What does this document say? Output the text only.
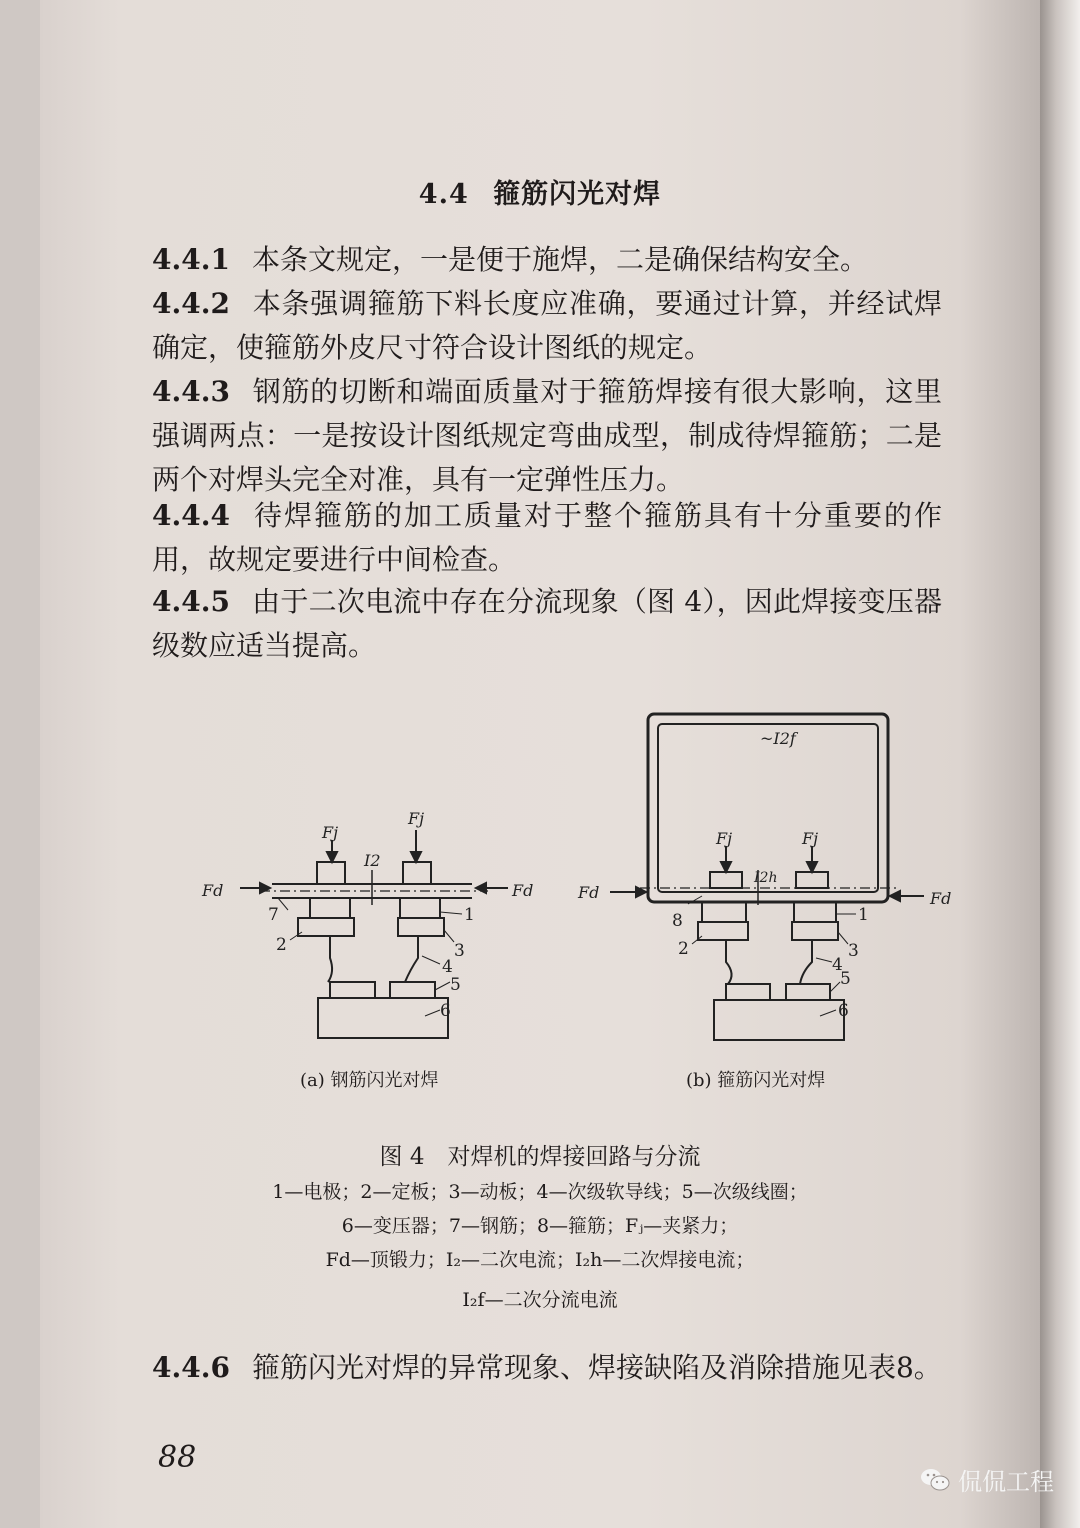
4.4 箍筋闪光对焊
4.4.1 本条文规定，一是便于施焊，二是确保结构安全。
4.4.2 本条强调箍筋下料长度应准确，要通过计算，并经试焊确定，使箍筋外皮尺寸符合设计图纸的规定。
4.4.3 钢筋的切断和端面质量对于箍筋焊接有很大影响，这里强调两点：一是按设计图纸规定弯曲成型，制成待焊箍筋；二是两个对焊头完全对准，具有一定弹性压力。
4.4.4 待焊箍筋的加工质量对于整个箍筋具有十分重要的作用，故规定要进行中间检查。
4.4.5 由于二次电流中存在分流现象（图 4），因此焊接变压器级数应适当提高。
Fj
Fj
Fd	Fd
I2
1
2	3
4
5
6
7
~I2f
Fj	Fj
I2h
Fd	Fd
1
2	3
4
5
6
8
(a) 钢筋闪光对焊	(b) 箍筋闪光对焊
图 4　对焊机的焊接回路与分流
1—电极；2—定板；3—动板；4—次级软导线；5—次级线圈；
6—变压器；7—钢筋；8—箍筋；Fⱼ—夹紧力；
Fd—顶锻力；I₂—二次电流；I₂h—二次焊接电流；
I₂f—二次分流电流
4.4.6 箍筋闪光对焊的异常现象、焊接缺陷及消除措施见表8。
88
侃侃工程
